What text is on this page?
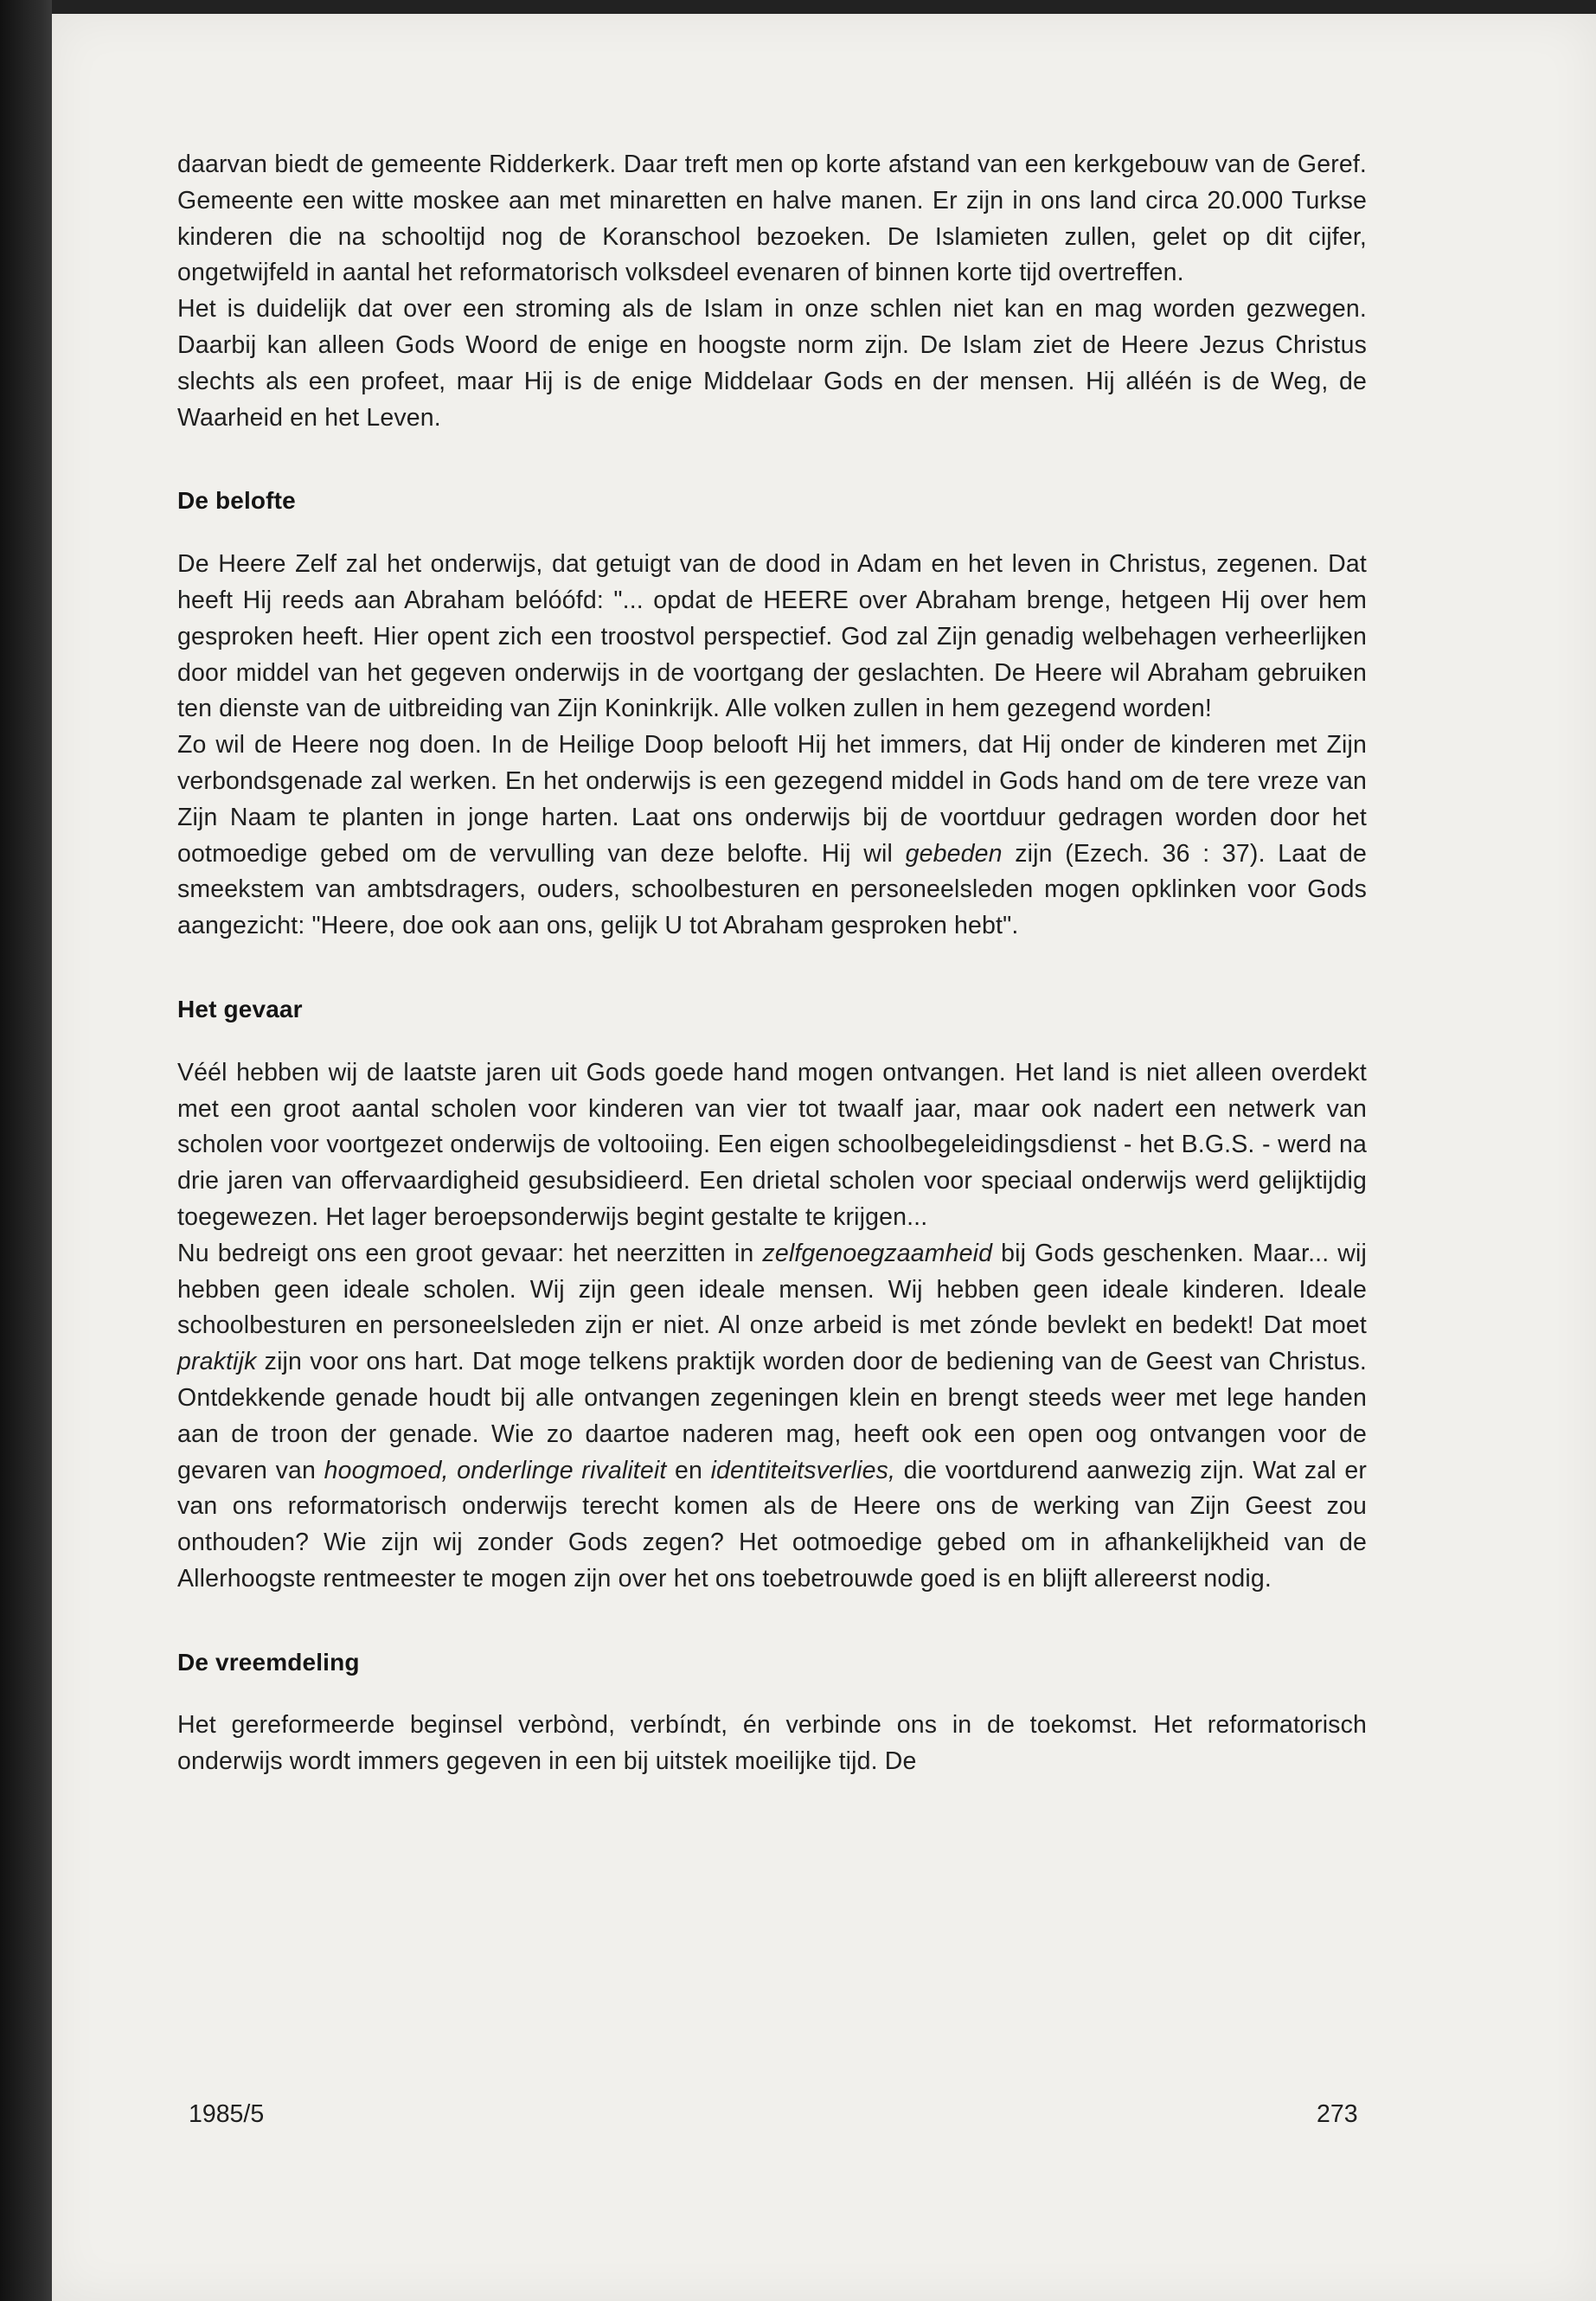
daarvan biedt de gemeente Ridderkerk. Daar treft men op korte afstand van een kerkgebouw van de Geref. Gemeente een witte moskee aan met minaretten en halve manen. Er zijn in ons land circa 20.000 Turkse kinderen die na schooltijd nog de Koranschool bezoeken. De Islamieten zullen, gelet op dit cijfer, ongetwijfeld in aantal het reformatorisch volksdeel evenaren of binnen korte tijd overtreffen.

Het is duidelijk dat over een stroming als de Islam in onze schlen niet kan en mag worden gezwegen. Daarbij kan alleen Gods Woord de enige en hoogste norm zijn. De Islam ziet de Heere Jezus Christus slechts als een profeet, maar Hij is de enige Middelaar Gods en der mensen. Hij alléén is de Weg, de Waarheid en het Leven.

De belofte

De Heere Zelf zal het onderwijs, dat getuigt van de dood in Adam en het leven in Christus, zegenen. Dat heeft Hij reeds aan Abraham belóófd: "... opdat de HEERE over Abraham brenge, hetgeen Hij over hem gesproken heeft. Hier opent zich een troostvol perspectief. God zal Zijn genadig welbehagen verheerlijken door middel van het gegeven onderwijs in de voortgang der geslachten. De Heere wil Abraham gebruiken ten dienste van de uitbreiding van Zijn Koninkrijk. Alle volken zullen in hem gezegend worden!

Zo wil de Heere nog doen. In de Heilige Doop belooft Hij het immers, dat Hij onder de kinderen met Zijn verbondsgenade zal werken. En het onderwijs is een gezegend middel in Gods hand om de tere vreze van Zijn Naam te planten in jonge harten. Laat ons onderwijs bij de voortduur gedragen worden door het ootmoedige gebed om de vervulling van deze belofte. Hij wil gebeden zijn (Ezech. 36 : 37). Laat de smeekstem van ambtsdragers, ouders, schoolbesturen en personeelsleden mogen opklinken voor Gods aangezicht: "Heere, doe ook aan ons, gelijk U tot Abraham gesproken hebt".

Het gevaar

Véél hebben wij de laatste jaren uit Gods goede hand mogen ontvangen. Het land is niet alleen overdekt met een groot aantal scholen voor kinderen van vier tot twaalf jaar, maar ook nadert een netwerk van scholen voor voortgezet onderwijs de voltooiing. Een eigen schoolbegeleidingsdienst - het B.G.S. - werd na drie jaren van offervaardigheid gesubsidieerd. Een drietal scholen voor speciaal onderwijs werd gelijktijdig toegewezen. Het lager beroepsonderwijs begint gestalte te krijgen...

Nu bedreigt ons een groot gevaar: het neerzitten in zelfgenoegzaamheid bij Gods geschenken. Maar... wij hebben geen ideale scholen. Wij zijn geen ideale mensen. Wij hebben geen ideale kinderen. Ideale schoolbesturen en personeelsleden zijn er niet. Al onze arbeid is met zónde bevlekt en bedekt! Dat moet praktijk zijn voor ons hart. Dat moge telkens praktijk worden door de bediening van de Geest van Christus. Ontdekkende genade houdt bij alle ontvangen zegeningen klein en brengt steeds weer met lege handen aan de troon der genade. Wie zo daartoe naderen mag, heeft ook een open oog ontvangen voor de gevaren van hoogmoed, onderlinge rivaliteit en identiteitsverlies, die voortdurend aanwezig zijn. Wat zal er van ons reformatorisch onderwijs terecht komen als de Heere ons de werking van Zijn Geest zou onthouden? Wie zijn wij zonder Gods zegen? Het ootmoedige gebed om in afhankelijkheid van de Allerhoogste rentmeester te mogen zijn over het ons toebetrouwde goed is en blijft allereerst nodig.

De vreemdeling

Het gereformeerde beginsel verbònd, verbíndt, én verbinde ons in de toekomst. Het reformatorisch onderwijs wordt immers gegeven in een bij uitstek moeilijke tijd. De

1985/5	273
